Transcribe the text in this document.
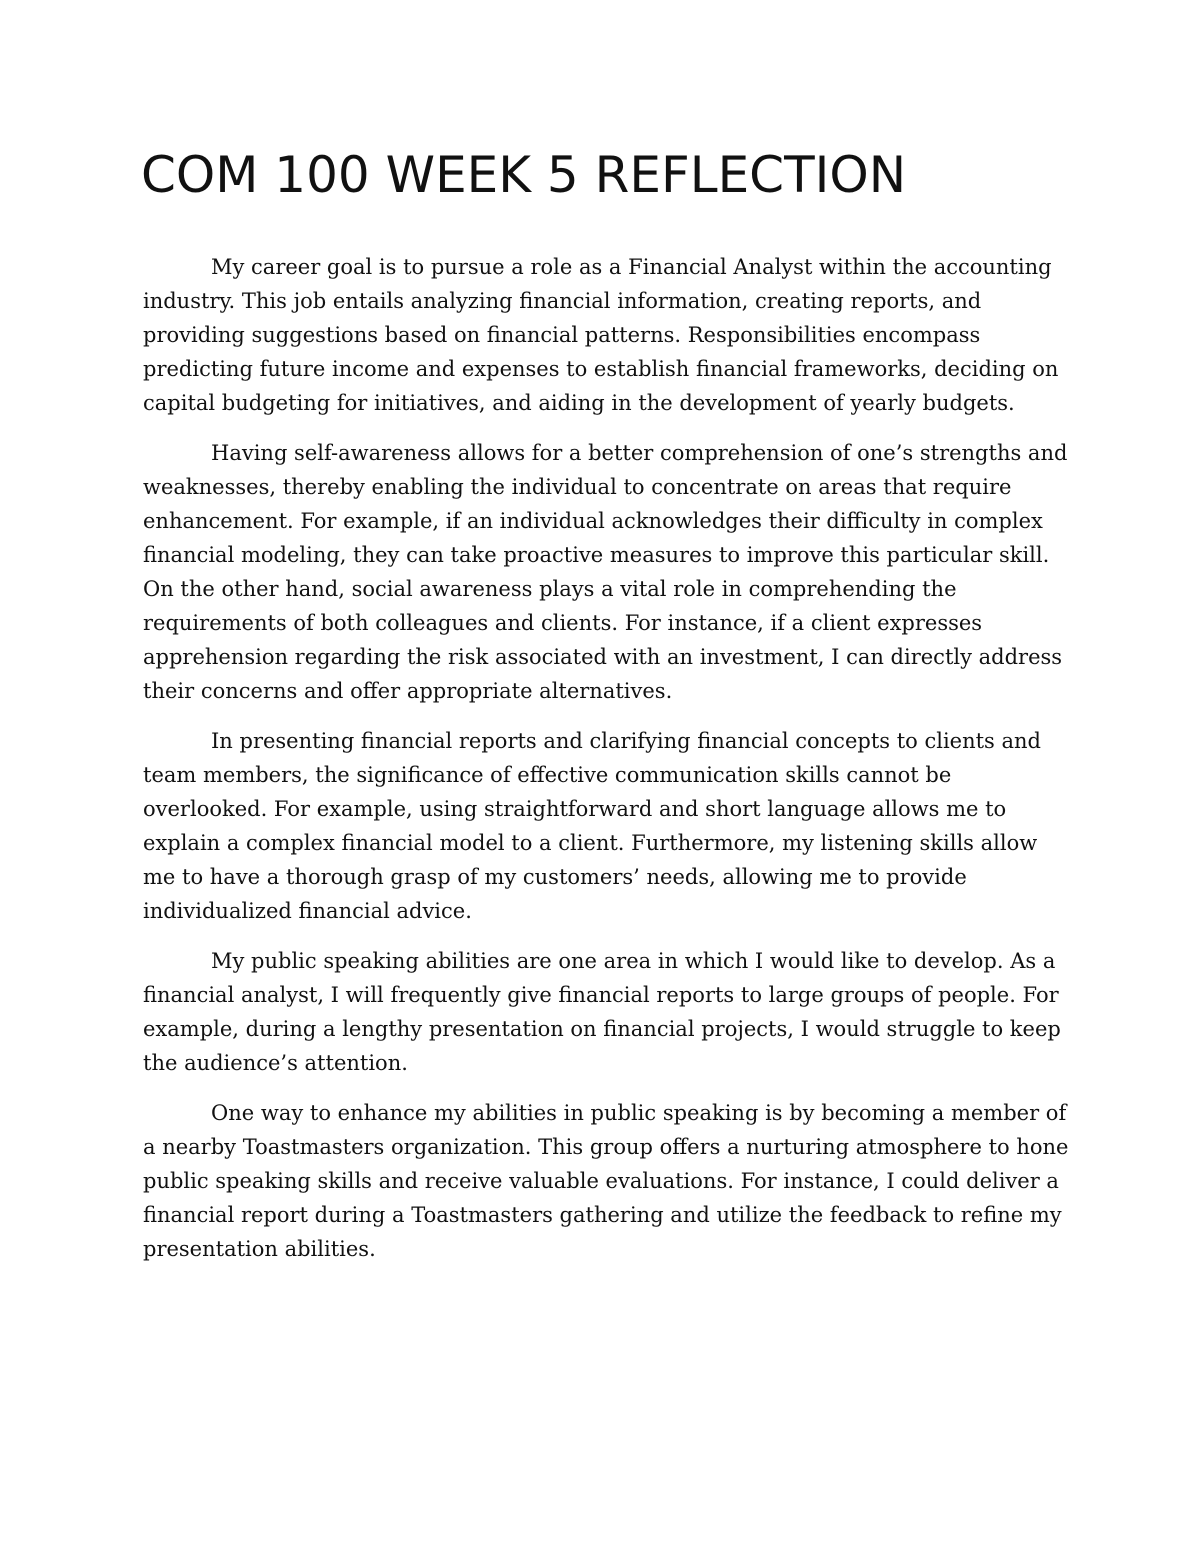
COM 100 WEEK 5 REFLECTION

My career goal is to pursue a role as a Financial Analyst within the accounting industry. This job entails analyzing financial information, creating reports, and providing suggestions based on financial patterns. Responsibilities encompass predicting future income and expenses to establish financial frameworks, deciding on capital budgeting for initiatives, and aiding in the development of yearly budgets.

Having self-awareness allows for a better comprehension of one’s strengths and weaknesses, thereby enabling the individual to concentrate on areas that require enhancement. For example, if an individual acknowledges their difficulty in complex financial modeling, they can take proactive measures to improve this particular skill. On the other hand, social awareness plays a vital role in comprehending the requirements of both colleagues and clients. For instance, if a client expresses apprehension regarding the risk associated with an investment, I can directly address their concerns and offer appropriate alternatives.

In presenting financial reports and clarifying financial concepts to clients and team members, the significance of effective communication skills cannot be overlooked. For example, using straightforward and short language allows me to explain a complex financial model to a client. Furthermore, my listening skills allow me to have a thorough grasp of my customers’ needs, allowing me to provide individualized financial advice.

My public speaking abilities are one area in which I would like to develop. As a financial analyst, I will frequently give financial reports to large groups of people. For example, during a lengthy presentation on financial projects, I would struggle to keep the audience’s attention.

One way to enhance my abilities in public speaking is by becoming a member of a nearby Toastmasters organization. This group offers a nurturing atmosphere to hone public speaking skills and receive valuable evaluations. For instance, I could deliver a financial report during a Toastmasters gathering and utilize the feedback to refine my presentation abilities.
